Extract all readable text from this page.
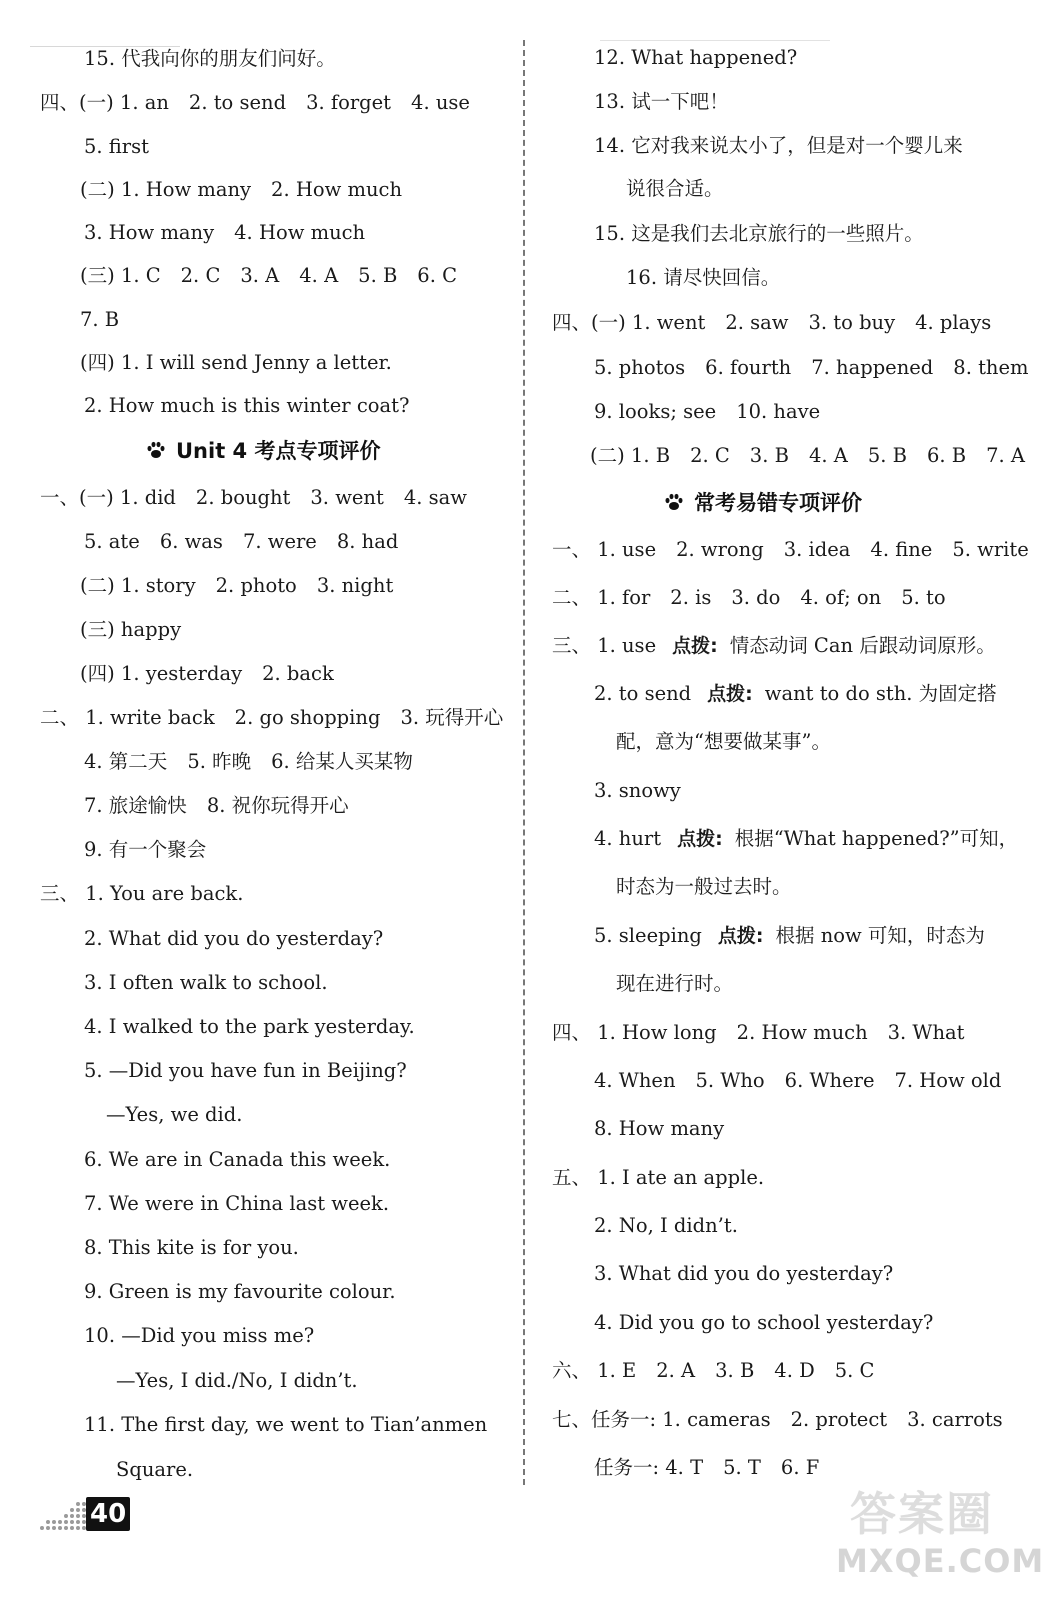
15. 代我向你的朋友们问好。
四、(一) 1. an 2. to send 3. forget 4. use
5. first
(二) 1. How many 2. How much
3. How many 4. How much
(三) 1. C 2. C 3. A 4. A 5. B 6. C
7. B
(四) 1. I will send Jenny a letter.
2. How much is this winter coat?
Unit 4 考点专项评价
一、(一) 1. did 2. bought 3. went 4. saw
5. ate 6. was 7. were 8. had
(二) 1. story 2. photo 3. night
(三) happy
(四) 1. yesterday 2. back
二、 1. write back 2. go shopping 3. 玩得开心
4. 第二天 5. 昨晚 6. 给某人买某物
7. 旅途愉快 8. 祝你玩得开心
9. 有一个聚会
三、 1. You are back.
2. What did you do yesterday?
3. I often walk to school.
4. I walked to the park yesterday.
5. —Did you have fun in Beijing?
—Yes, we did.
6. We are in Canada this week.
7. We were in China last week.
8. This kite is for you.
9. Green is my favourite colour.
10. —Did you miss me?
—Yes, I did./No, I didn’t.
11. The first day, we went to Tian’anmen
Square.
12. What happened?
13. 试一下吧！
14. 它对我来说太小了，但是对一个婴儿来
说很合适。
15. 这是我们去北京旅行的一些照片。
16. 请尽快回信。
四、(一) 1. went 2. saw 3. to buy 4. plays
5. photos 6. fourth 7. happened 8. them
9. looks; see 10. have
(二) 1. B 2. C 3. B 4. A 5. B 6. B 7. A
常考易错专项评价
一、 1. use 2. wrong 3. idea 4. fine 5. write
二、 1. for 2. is 3. do 4. of; on 5. to
三、 1. use 点拨: 情态动词 Can 后跟动词原形。
2. to send 点拨: want to do sth. 为固定搭
配，意为“想要做某事”。
3. snowy
4. hurt 点拨: 根据“What happened?”可知，
时态为一般过去时。
5. sleeping 点拨: 根据 now 可知，时态为
现在进行时。
四、 1. How long 2. How much 3. What
4. When 5. Who 6. Where 7. How old
8. How many
五、 1. I ate an apple.
2. No, I didn’t.
3. What did you do yesterday?
4. Did you go to school yesterday?
六、 1. E 2. A 3. B 4. D 5. C
七、任务一: 1. cameras 2. protect 3. carrots
任务一: 4. T 5. T 6. F
40	答案圈
MXQE.COM
